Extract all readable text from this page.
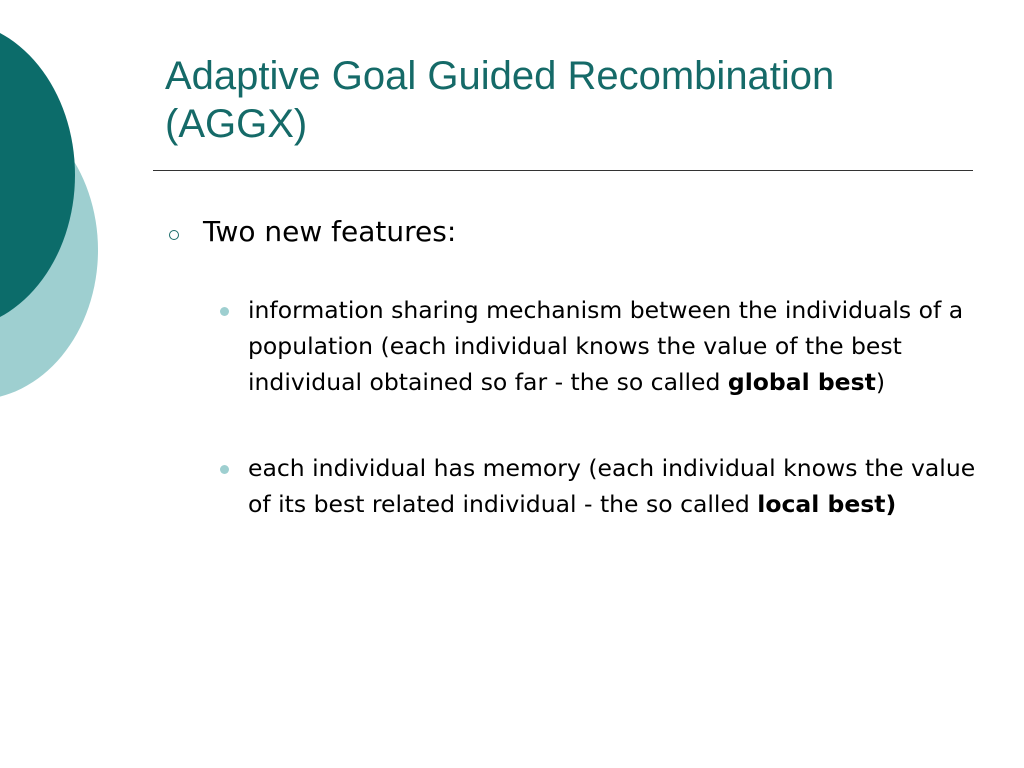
Adaptive Goal Guided Recombination (AGGX)

Two new features:

information sharing mechanism between the individuals of a population (each individual knows the value of the best individual obtained so far - the so called global best)

each individual has memory (each individual knows the value of its best related individual - the so called local best)
